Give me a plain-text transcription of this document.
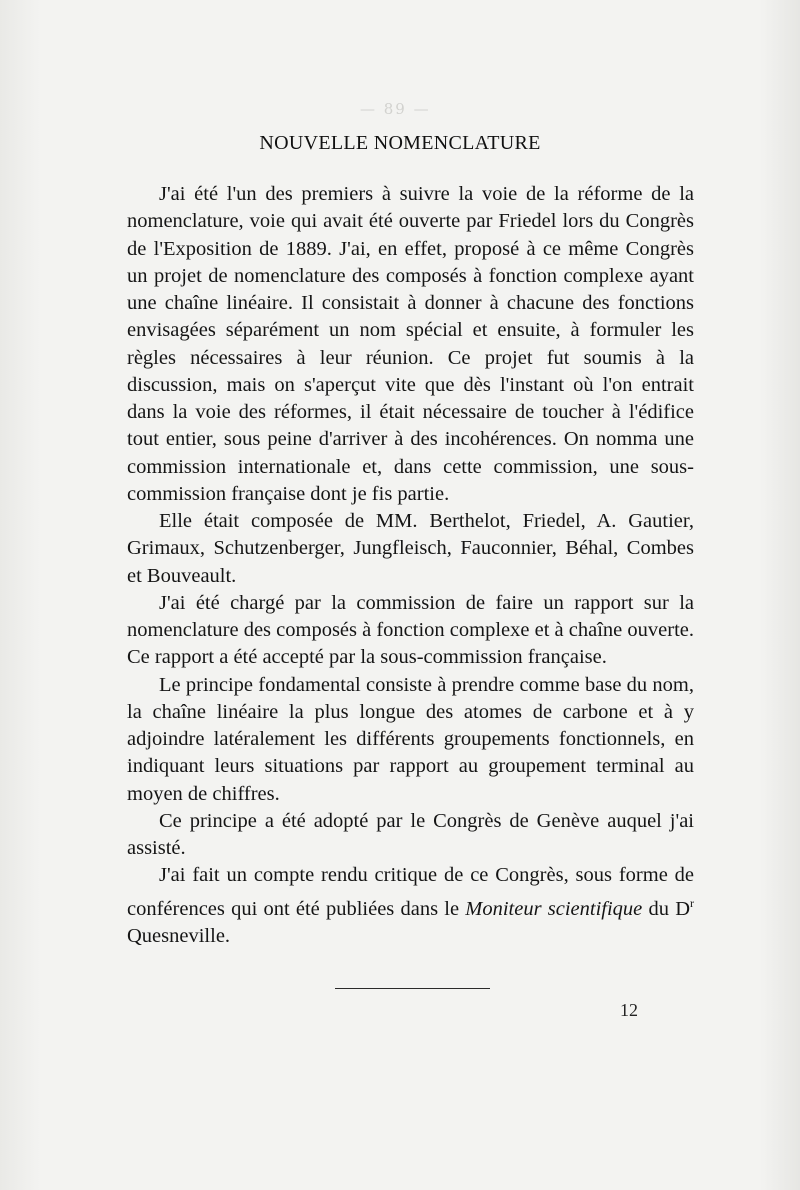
— 89 —
NOUVELLE NOMENCLATURE

J'ai été l'un des premiers à suivre la voie de la réforme de la nomenclature, voie qui avait été ouverte par Friedel lors du Congrès de l'Exposition de 1889. J'ai, en effet, proposé à ce même Congrès un projet de nomenclature des composés à fonction complexe ayant une chaîne linéaire. Il consistait à donner à chacune des fonctions envisagées séparément un nom spécial et ensuite, à formuler les règles nécessaires à leur réunion. Ce projet fut soumis à la discussion, mais on s'aperçut vite que dès l'instant où l'on entrait dans la voie des réformes, il était nécessaire de toucher à l'édifice tout entier, sous peine d'arriver à des incohérences. On nomma une commission internationale et, dans cette commission, une sous-commission française dont je fis partie.

Elle était composée de MM. Berthelot, Friedel, A. Gautier, Grimaux, Schutzenberger, Jungfleisch, Fauconnier, Béhal, Combes et Bouveault.

J'ai été chargé par la commission de faire un rapport sur la nomenclature des composés à fonction complexe et à chaîne ouverte. Ce rapport a été accepté par la sous-commission française.

Le principe fondamental consiste à prendre comme base du nom, la chaîne linéaire la plus longue des atomes de carbone et à y adjoindre latéralement les différents groupements fonctionnels, en indiquant leurs situations par rapport au groupement terminal au moyen de chiffres.

Ce principe a été adopté par le Congrès de Genève auquel j'ai assisté.

J'ai fait un compte rendu critique de ce Congrès, sous forme de conférences qui ont été publiées dans le Moniteur scientifique du $D^r$ Quesneville.

12
